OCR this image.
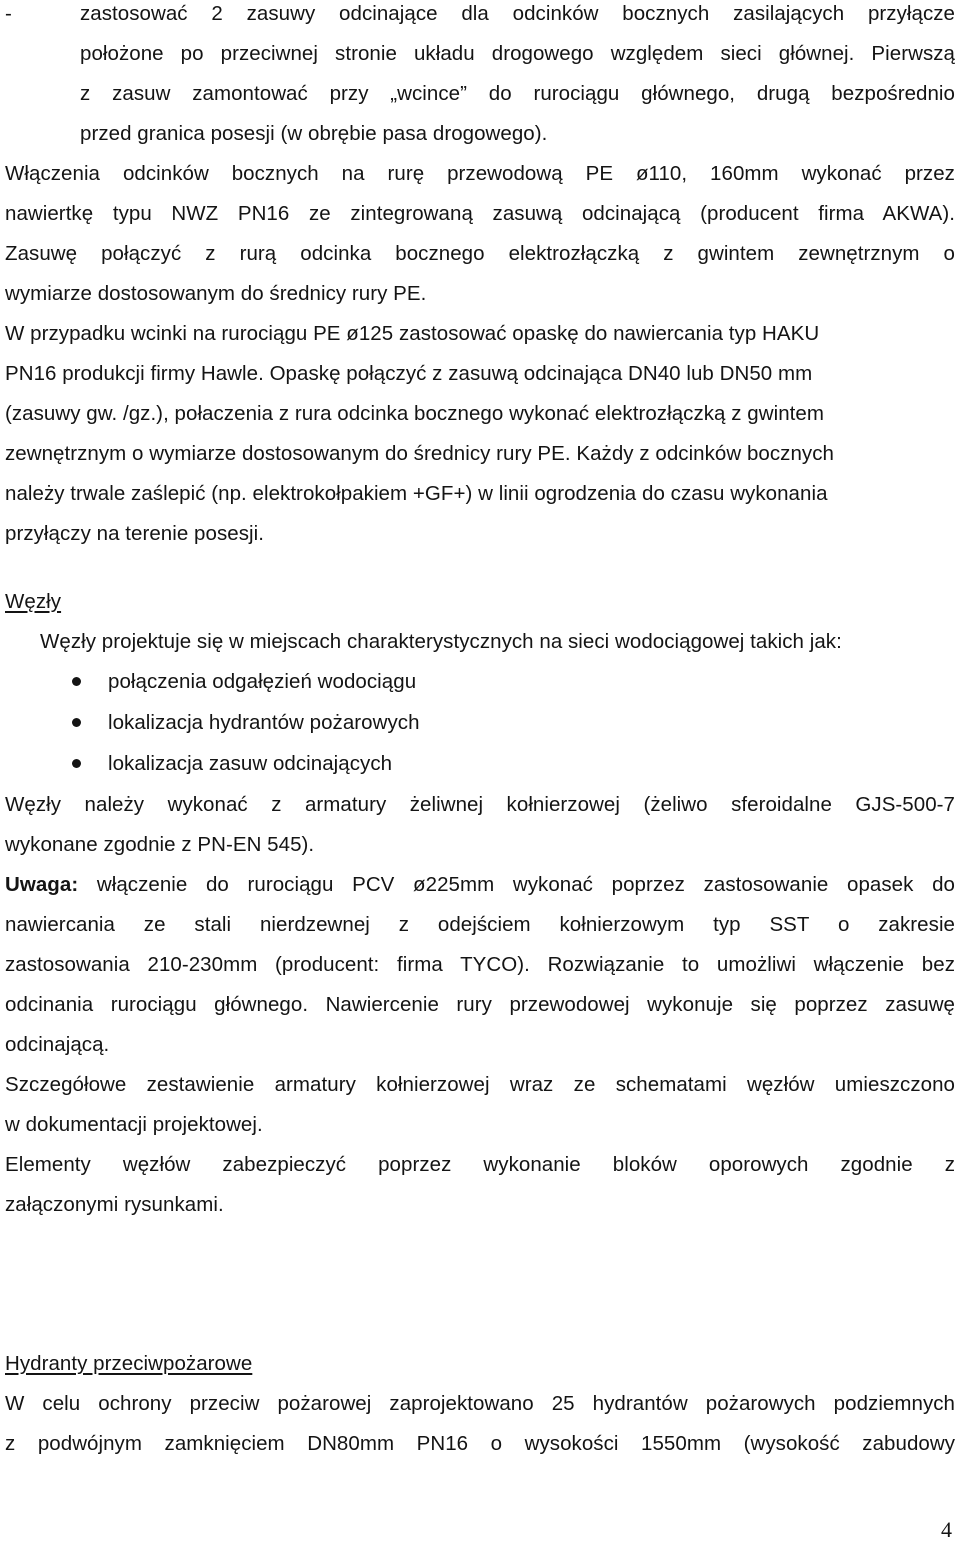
-	zastosować 2 zasuwy odcinające dla odcinków bocznych zasilających przyłącze
położone po przeciwnej stronie układu drogowego względem sieci głównej. Pierwszą
z zasuw zamontować przy „wcince” do rurociągu głównego, drugą bezpośrednio
przed granica posesji (w obrębie pasa drogowego).
Włączenia odcinków bocznych na rurę przewodową PE ø110, 160mm wykonać przez
nawiertkę typu NWZ PN16 ze zintegrowaną zasuwą odcinającą (producent firma AKWA).
Zasuwę połączyć z rurą odcinka bocznego elektrozłączką z gwintem zewnętrznym o
wymiarze dostosowanym do średnicy rury PE.
W przypadku wcinki na rurociągu PE ø125 zastosować opaskę do nawiercania typ HAKU
PN16 produkcji firmy Hawle. Opaskę połączyć z zasuwą odcinająca DN40 lub DN50 mm
(zasuwy gw. /gz.), połaczenia z rura odcinka bocznego wykonać elektrozłączką z gwintem
zewnętrznym o wymiarze dostosowanym do średnicy rury PE. Każdy z odcinków bocznych
należy trwale zaślepić (np. elektrokołpakiem +GF+) w linii ogrodzenia do czasu wykonania
przyłączy na terenie posesji.
Węzły
Węzły projektuje się w miejscach charakterystycznych na sieci wodociągowej takich jak:
połączenia odgałęzień wodociągu
lokalizacja hydrantów pożarowych
lokalizacja zasuw odcinających
Węzły należy wykonać z armatury żeliwnej kołnierzowej (żeliwo sferoidalne GJS-500-7
wykonane zgodnie z PN-EN 545).
Uwaga: włączenie do rurociągu PCV ø225mm wykonać poprzez zastosowanie opasek do
nawiercania ze stali nierdzewnej z odejściem kołnierzowym typ SST o zakresie
zastosowania 210-230mm (producent: firma TYCO). Rozwiązanie to umożliwi włączenie bez
odcinania rurociągu głównego. Nawiercenie rury przewodowej wykonuje się poprzez zasuwę
odcinającą.
Szczegółowe zestawienie armatury kołnierzowej wraz ze schematami węzłów umieszczono
w dokumentacji projektowej.
Elementy węzłów zabezpieczyć poprzez wykonanie bloków oporowych zgodnie z
załączonymi rysunkami.
Hydranty przeciwpożarowe
W celu ochrony przeciw pożarowej zaprojektowano 25 hydrantów pożarowych podziemnych
z podwójnym zamknięciem DN80mm PN16 o wysokości 1550mm (wysokość zabudowy
4
